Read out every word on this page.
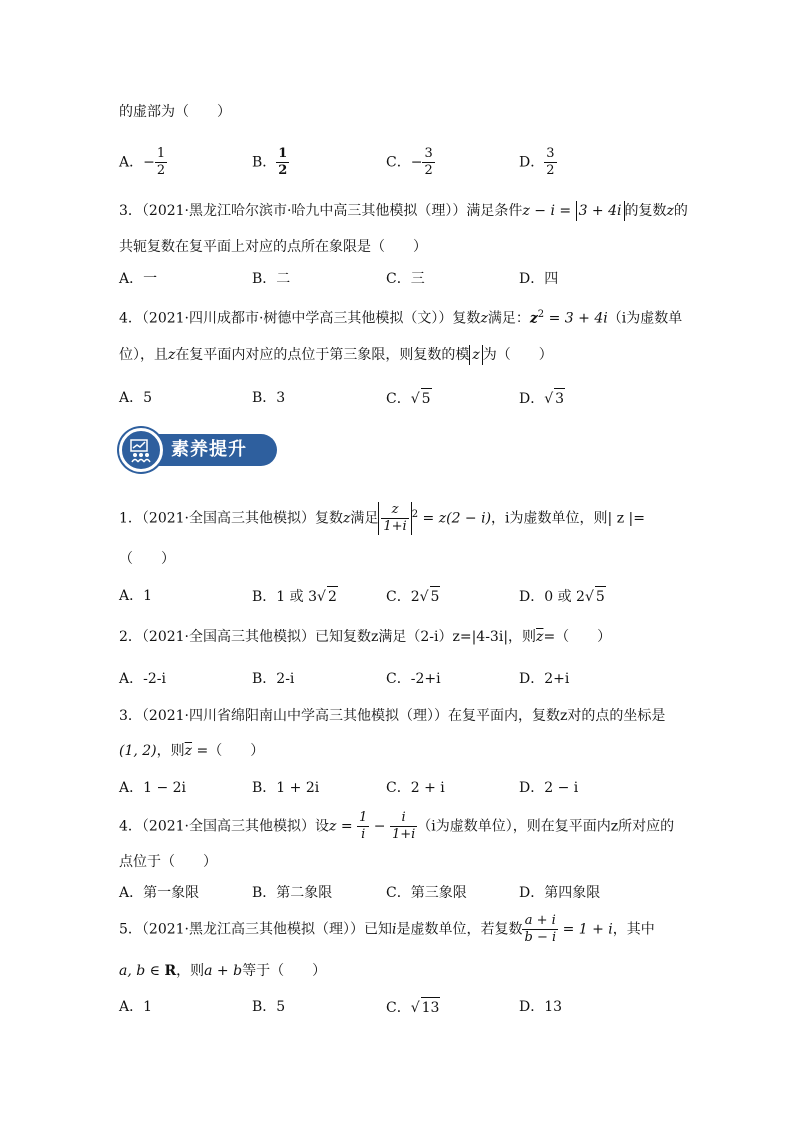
的虚部为（　　）
A．− $\frac{1}{2}$	B． $\frac{1}{2}$	C．− $\frac{3}{2}$	D． $\frac{3}{2}$
3．（2021·黑龙江哈尔滨市·哈九中高三其他模拟（理））满足条件z − i = 3 + 4i 的复数z的
共轭复数在复平面上对应的点所在象限是（　　）
A．一	B．二	C．三	D．四
4．（2021·四川成都市·树德中学高三其他模拟（文））复数z满足：$z^2 = 3 + 4i(i$为虚数单
位），且z在复平面内对应的点位于第三象限，则复数的模 z 为（　　）
A．5	B．3	C．√ 5	D．√ 3
素养提升
1．（2021·全国高三其他模拟）复数z满足 $\frac{z}{1+i} ^2 = z(2 - i)$，i为虚数单位，则| z |=
（　　）
A．1	B．1 或 3√ 2	C．2√ 5	D．0 或 2√ 5
2．（2021·全国高三其他模拟）已知复数z满足（2-i）z=|4-3i|，则$\overline{z}=$（　　）
A．-2-i	B．2-i	C．-2+i	D．2+i
3．（2021·四川省绵阳南山中学高三其他模拟（理））在复平面内，复数z对的点的坐标是
(1, 2)，则$\overline{z}$ =（　　）
A．1 − 2i	B．1 + 2i	C．2 + i	D．2 − i
4．（2021·全国高三其他模拟）设$z = \frac{1}{i} - \frac{i}{1+i} (i$为虚数单位），则在复平面内z所对应的
点位于（　　）
A．第一象限	B．第二象限	C．第三象限	D．第四象限
5．（2021·黑龙江高三其他模拟（理））已知i是虚数单位，若复数 $\frac{a + i}{b - i} = 1 + i$，其中
a, b ∈ R，则a + b等于（　　）
A．1	B．5	C．√ 13	D．13
